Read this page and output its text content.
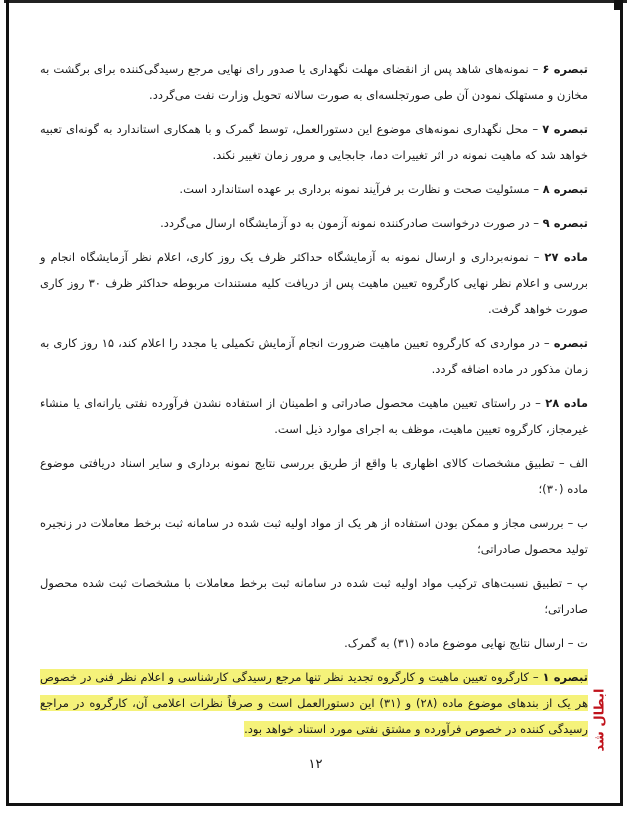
تبصره ۶ – نمونه‌های شاهد پس از انقضای مهلت نگهداری یا صدور رای نهایی مرجع رسیدگی‌کننده برای برگشت به مخازن و مستهلک نمودن آن طی صورتجلسه‌ای به صورت سالانه تحویل وزارت نفت می‌گردد.

تبصره ۷ – محل نگهداری نمونه‌های موضوع این دستورالعمل، توسط گمرک و با همکاری استاندارد به گونه‌ای تعبیه خواهد شد که ماهیت نمونه در اثر تغییرات دما، جابجایی و مرور زمان تغییر نکند.

تبصره ۸ – مسئولیت صحت و نظارت بر فرآیند نمونه برداری بر عهده استاندارد است.

تبصره ۹ – در صورت درخواست صادرکننده نمونه آزمون به دو آزمایشگاه ارسال می‌گردد.

ماده ۲۷ – نمونه‌برداری و ارسال نمونه به آزمایشگاه حداکثر ظرف یک روز کاری، اعلام نظر آزمایشگاه انجام و بررسی و اعلام نظر نهایی کارگروه تعیین ماهیت پس از دریافت کلیه مستندات مربوطه حداکثر ظرف ۳۰ روز کاری صورت خواهد گرفت.

تبصره – در مواردی که کارگروه تعیین ماهیت ضرورت انجام آزمایش تکمیلی یا مجدد را اعلام کند، ۱۵ روز کاری به زمان مذکور در ماده اضافه گردد.

ماده ۲۸ – در راستای تعیین ماهیت محصول صادراتی و اطمینان از استفاده نشدن فرآورده نفتی یارانه‌ای یا منشاء غیرمجاز، کارگروه تعیین ماهیت، موظف به اجرای موارد ذیل است.

الف – تطبیق مشخصات کالای اظهاری با واقع از طریق بررسی نتایج نمونه برداری و سایر اسناد دریافتی موضوع ماده (۳۰)؛

ب – بررسی مجاز و ممکن بودن استفاده از هر یک از مواد اولیه ثبت شده در سامانه ثبت برخط معاملات در زنجیره تولید محصول صادراتی؛

پ – تطبیق نسبت‌های ترکیب مواد اولیه ثبت شده در سامانه ثبت برخط معاملات با مشخصات ثبت شده محصول صادراتی؛

ت – ارسال نتایج نهایی موضوع ماده (۳۱) به گمرک.

تبصره ۱ – کارگروه تعیین ماهیت و کارگروه تجدید نظر تنها مرجع رسیدگی کارشناسی و اعلام نظر فنی در خصوص هر یک از بندهای موضوع ماده (۲۸) و (۳۱) این دستورالعمل است و صرفاً نظرات اعلامی آن، کارگروه در مراجع رسیدگی کننده در خصوص فرآورده و مشتق نفتی مورد استناد خواهد بود. ابطال شد
۱۲
